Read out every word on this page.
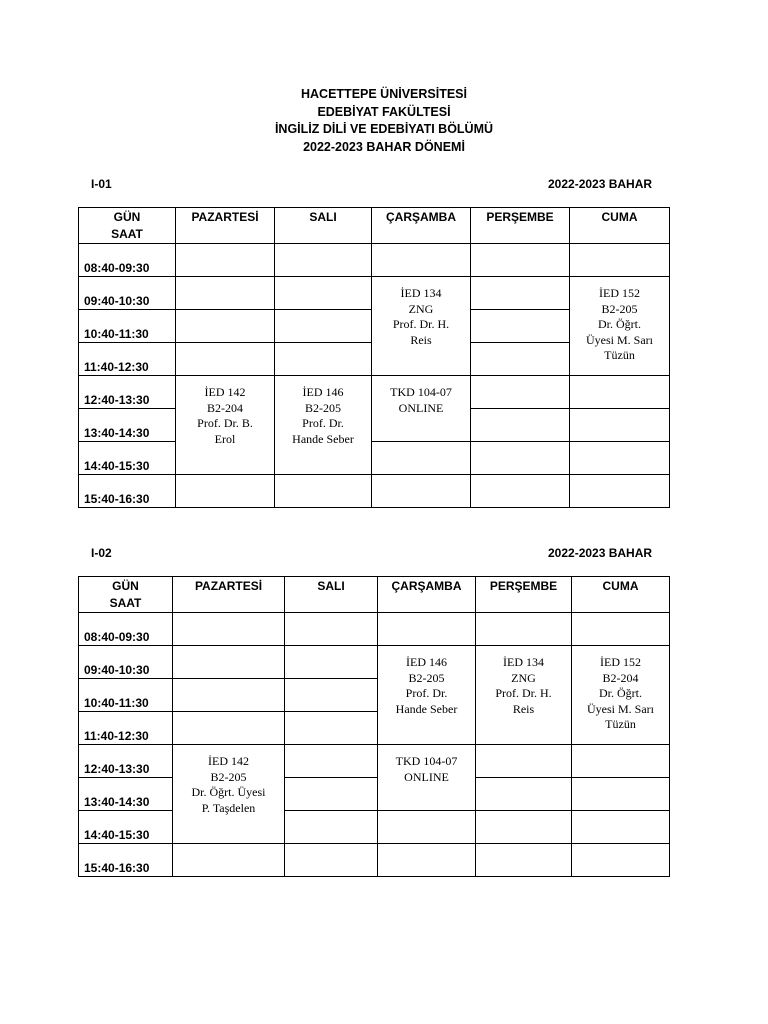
HACETTEPE ÜNİVERSİTESİ
EDEBİYAT FAKÜLTESİ
İNGİLİZ DİLİ VE EDEBİYATI BÖLÜMÜ
2022-2023 BAHAR DÖNEMİ
I-01	2022-2023 BAHAR
GÜN
SAAT	PAZARTESİ	SALI	ÇARŞAMBA	PERŞEMBE	CUMA
08:40-09:30					
09:40-10:30			İED 134
ZNG
Prof. Dr. H.
Reis		İED 152
B2-205
Dr. Öğrt.
Üyesi M. Sarı
Tüzün

10:40-11:30					
11:40-12:30					
12:40-13:30	İED 142
B2-204
Prof. Dr. B.
Erol	İED 146
B2-205
Prof. Dr.
Hande Seber	TKD 104-07
ONLINE		

13:40-14:30					
14:40-15:30					
15:40-16:30					
I-02	2022-2023 BAHAR
GÜN
SAAT	PAZARTESİ	SALI	ÇARŞAMBA	PERŞEMBE	CUMA
08:40-09:30					
09:40-10:30			İED 146
B2-205
Prof. Dr.
Hande Seber	İED 134
ZNG
Prof. Dr. H.
Reis	İED 152
B2-204
Dr. Öğrt.
Üyesi M. Sarı
Tüzün

10:40-11:30					
11:40-12:30					
12:40-13:30	İED 142
B2-205
Dr. Öğrt. Üyesi
P. Taşdelen		TKD 104-07
ONLINE		

13:40-14:30					
14:40-15:30					
15:40-16:30					
